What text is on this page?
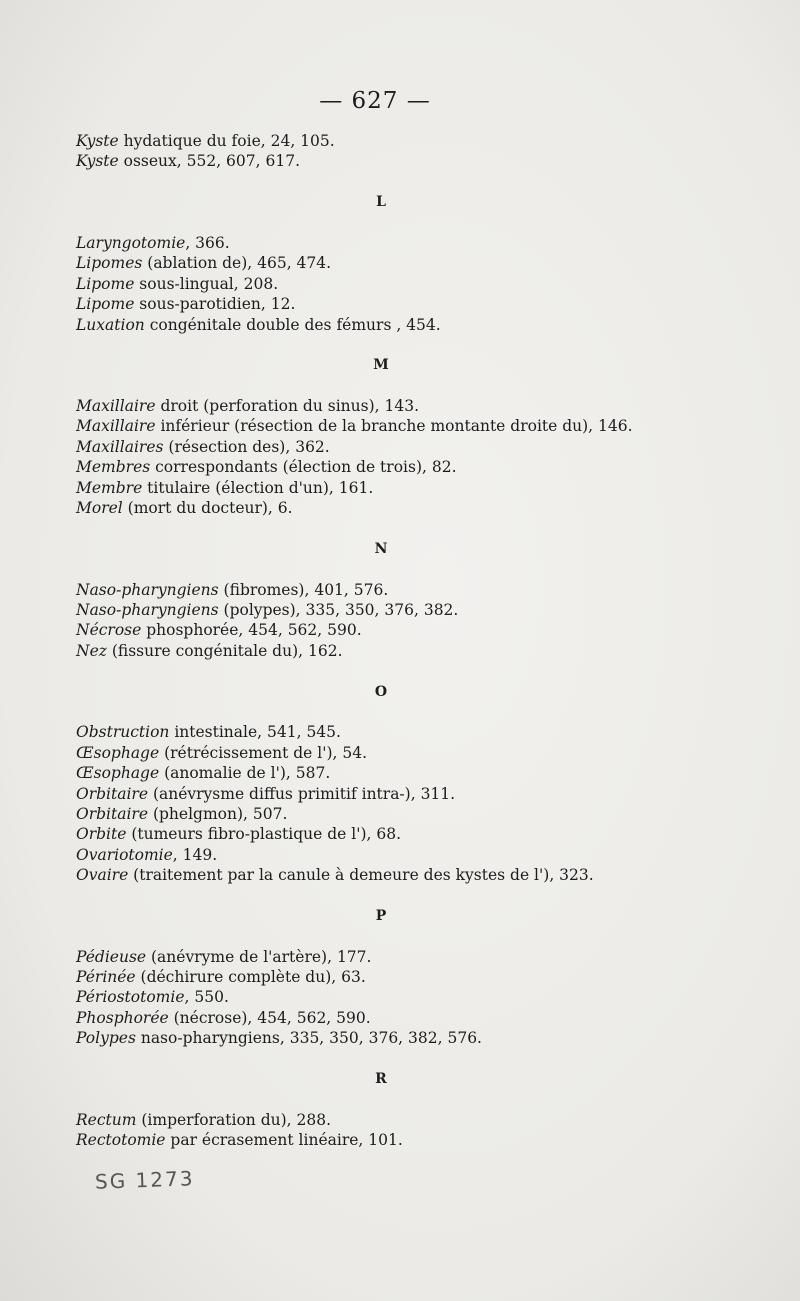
— 627 —
Kyste hydatique du foie, 24, 105.
Kyste osseux, 552, 607, 617.
L
Laryngotomie, 366.
Lipomes (ablation de), 465, 474.
Lipome sous-lingual, 208.
Lipome sous-parotidien, 12.
Luxation congénitale double des fémurs , 454.
M
Maxillaire droit (perforation du sinus), 143.
Maxillaire inférieur (résection de la branche montante droite du), 146.
Maxillaires (résection des), 362.
Membres correspondants (élection de trois), 82.
Membre titulaire (élection d'un), 161.
Morel (mort du docteur), 6.
N
Naso-pharyngiens (fibromes), 401, 576.
Naso-pharyngiens (polypes), 335, 350, 376, 382.
Nécrose phosphorée, 454, 562, 590.
Nez (fissure congénitale du), 162.
O
Obstruction intestinale, 541, 545.
Œsophage (rétrécissement de l'), 54.
Œsophage (anomalie de l'), 587.
Orbitaire (anévrysme diffus primitif intra-), 311.
Orbitaire (phelgmon), 507.
Orbite (tumeurs fibro-plastique de l'), 68.
Ovariotomie, 149.
Ovaire (traitement par la canule à demeure des kystes de l'), 323.
P
Pédieuse (anévryme de l'artère), 177.
Périnée (déchirure complète du), 63.
Périostotomie, 550.
Phosphorée (nécrose), 454, 562, 590.
Polypes naso-pharyngiens, 335, 350, 376, 382, 576.
R
Rectum (imperforation du), 288.
Rectotomie par écrasement linéaire, 101.
SG 1273
